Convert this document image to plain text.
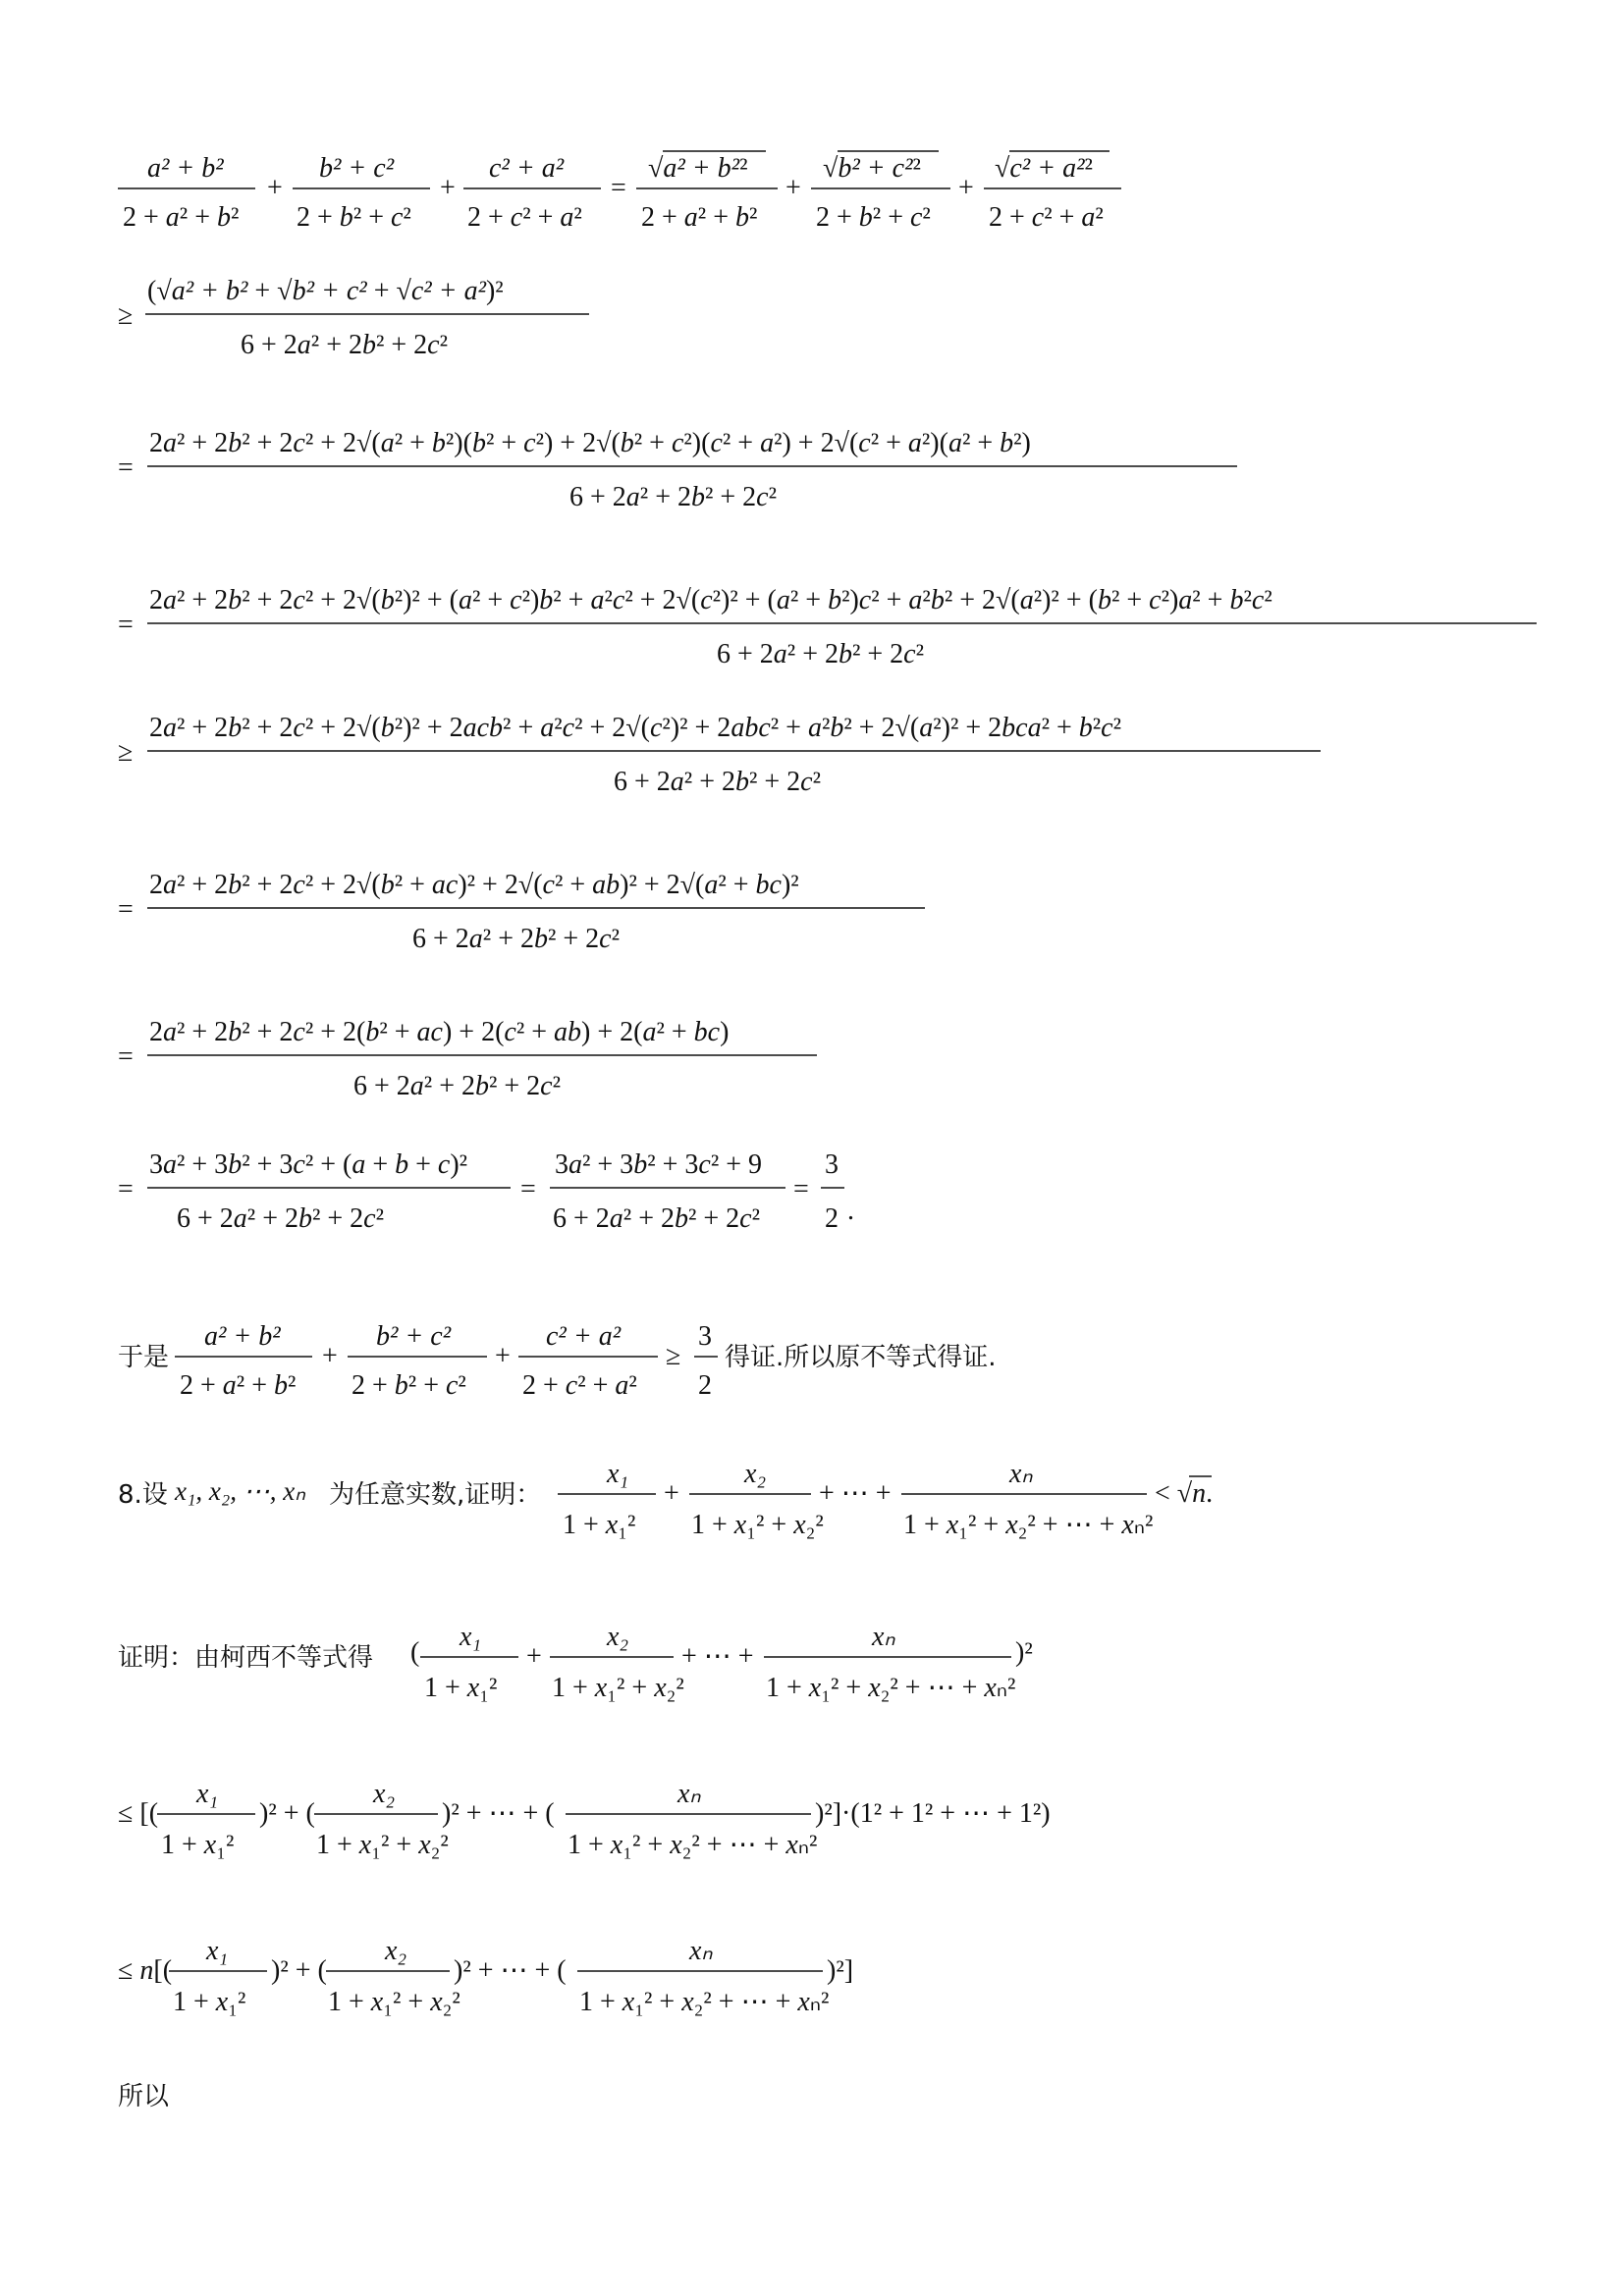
a² + b²
2 + a² + b²
+
b² + c²
2 + b² + c²
+
c² + a²
2 + c² + a²
=
√a² + b²²
2 + a² + b²
+
√b² + c²²
2 + b² + c²
+
√c² + a²²
2 + c² + a²
≥
(√a² + b² + √b² + c² + √c² + a²)²
6 + 2a² + 2b² + 2c²
=
2a² + 2b² + 2c² + 2√(a² + b²)(b² + c²) + 2√(b² + c²)(c² + a²) + 2√(c² + a²)(a² + b²)
6 + 2a² + 2b² + 2c²
=
2a² + 2b² + 2c² + 2√(b²)² + (a² + c²)b² + a²c² + 2√(c²)² + (a² + b²)c² + a²b² + 2√(a²)² + (b² + c²)a² + b²c²
6 + 2a² + 2b² + 2c²
≥
2a² + 2b² + 2c² + 2√(b²)² + 2acb² + a²c² + 2√(c²)² + 2abc² + a²b² + 2√(a²)² + 2bca² + b²c²
6 + 2a² + 2b² + 2c²
=
2a² + 2b² + 2c² + 2√(b² + ac)² + 2√(c² + ab)² + 2√(a² + bc)²
6 + 2a² + 2b² + 2c²
=
2a² + 2b² + 2c² + 2(b² + ac) + 2(c² + ab) + 2(a² + bc)
6 + 2a² + 2b² + 2c²
=
3a² + 3b² + 3c² + (a + b + c)²
6 + 2a² + 2b² + 2c²
=
3a² + 3b² + 3c² + 9
6 + 2a² + 2b² + 2c²
=
3
2 .
于是
a² + b²
2 + a² + b²
+
b² + c²
2 + b² + c²
+
c² + a²
2 + c² + a²
≥
3
2
得证.所以原不等式得证.
8.设 x₁, x₂, ⋯, xₙ 为任意实数,证明：
x₁
1 + x₁²
+
x₂
1 + x₁² + x₂²
+ ⋯ +
xₙ
1 + x₁² + x₂² + ⋯ + xₙ²
< √n.
证明：由柯西不等式得 (
x₁
1 + x₁²
+
x₂
1 + x₁² + x₂²
+ ⋯ +
xₙ
1 + x₁² + x₂² + ⋯ + xₙ²
)²
≤ [(
x₁
1 + x₁²
)² + (
x₂
1 + x₁² + x₂²
)² + ⋯ + (
xₙ
1 + x₁² + x₂² + ⋯ + xₙ²
)²]·(1² + 1² + ⋯ + 1²)
≤ n[(
x₁
1 + x₁²
)² + (
x₂
1 + x₁² + x₂²
)² + ⋯ + (
xₙ
1 + x₁² + x₂² + ⋯ + xₙ²
)²]
所以
